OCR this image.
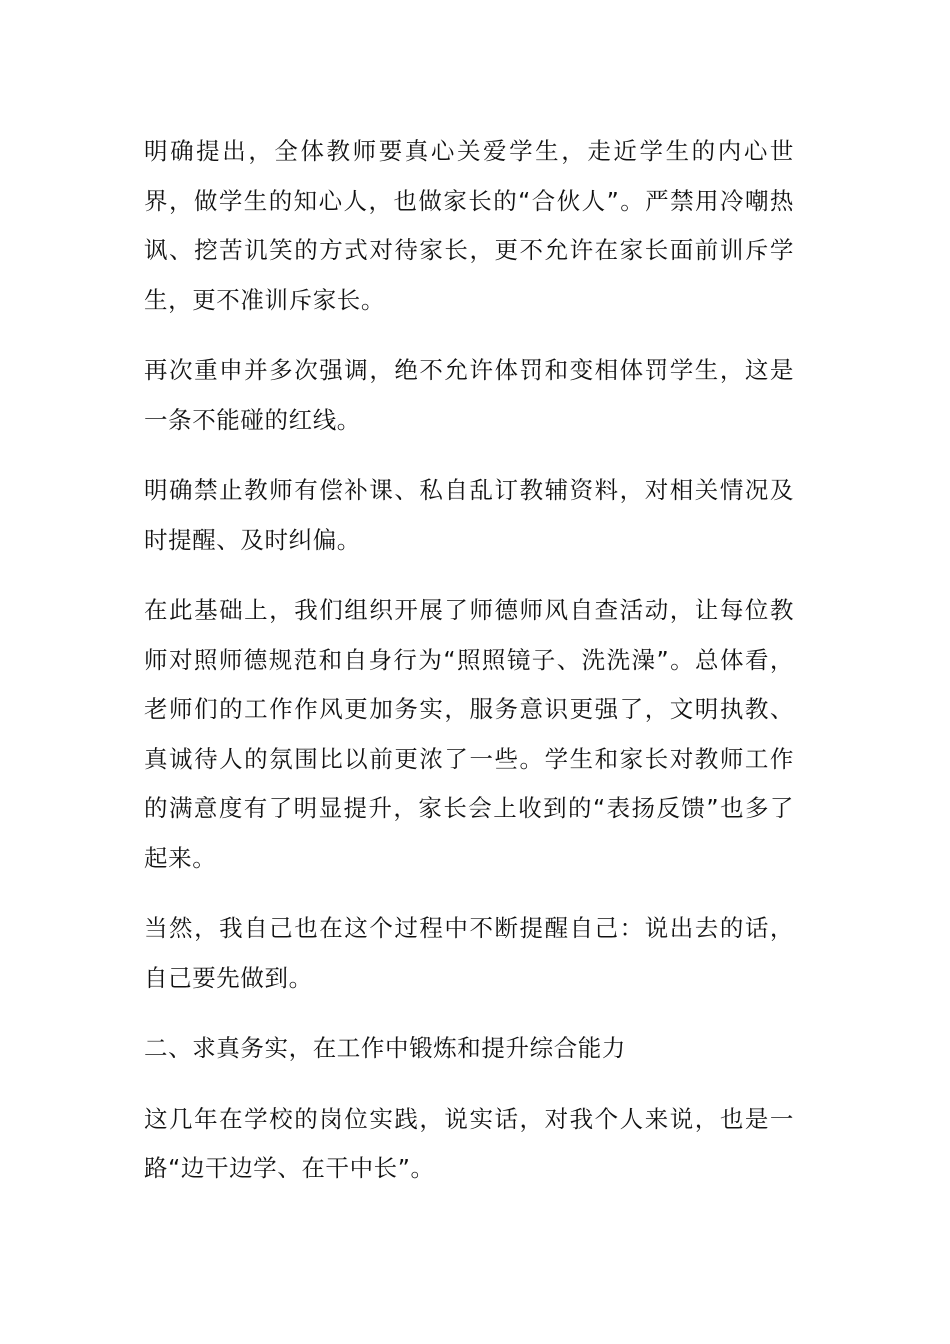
明确提出，全体教师要真心关爱学生，走近学生的内心世界，做学生的知心人，也做家长的“合伙人”。严禁用冷嘲热讽、挖苦讥笑的方式对待家长，更不允许在家长面前训斥学生，更不准训斥家长。

再次重申并多次强调，绝不允许体罚和变相体罚学生，这是一条不能碰的红线。

明确禁止教师有偿补课、私自乱订教辅资料，对相关情况及时提醒、及时纠偏。

在此基础上，我们组织开展了师德师风自查活动，让每位教师对照师德规范和自身行为“照照镜子、洗洗澡”。总体看，老师们的工作作风更加务实，服务意识更强了，文明执教、真诚待人的氛围比以前更浓了一些。学生和家长对教师工作的满意度有了明显提升，家长会上收到的“表扬反馈”也多了起来。

当然，我自己也在这个过程中不断提醒自己：说出去的话，自己要先做到。

二、求真务实，在工作中锻炼和提升综合能力

这几年在学校的岗位实践，说实话，对我个人来说，也是一路“边干边学、在干中长”。
